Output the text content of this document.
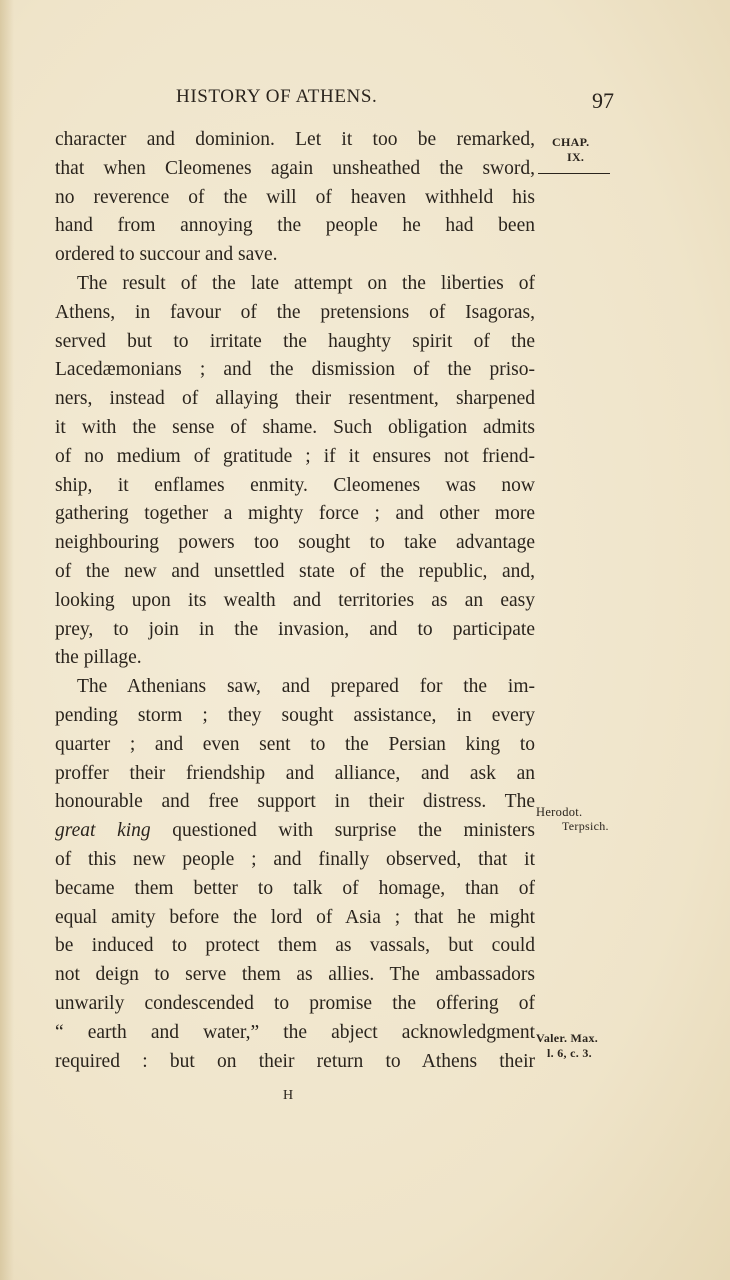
HISTORY OF ATHENS.	97
CHAP.
IX.
Herodot.
Terpsich.
Valer. Max.
l. 6, c. 3.
character and dominion. Let it too be remarked,
that when Cleomenes again unsheathed the sword,
no reverence of the will of heaven withheld his
hand from annoying the people he had been
ordered to succour and save.
The result of the late attempt on the liberties of
Athens, in favour of the pretensions of Isagoras,
served but to irritate the haughty spirit of the
Lacedæmonians ; and the dismission of the priso-
ners, instead of allaying their resentment, sharpened
it with the sense of shame. Such obligation admits
of no medium of gratitude ; if it ensures not friend-
ship, it enflames enmity. Cleomenes was now
gathering together a mighty force ; and other more
neighbouring powers too sought to take advantage
of the new and unsettled state of the republic, and,
looking upon its wealth and territories as an easy
prey, to join in the invasion, and to participate
the pillage.
The Athenians saw, and prepared for the im-
pending storm ; they sought assistance, in every
quarter ; and even sent to the Persian king to
proffer their friendship and alliance, and ask an
honourable and free support in their distress. The
great king questioned with surprise the ministers
of this new people ; and finally observed, that it
became them better to talk of homage, than of
equal amity before the lord of Asia ; that he might
be induced to protect them as vassals, but could
not deign to serve them as allies. The ambassadors
unwarily condescended to promise the offering of
“ earth and water,” the abject acknowledgment
required : but on their return to Athens their
H
